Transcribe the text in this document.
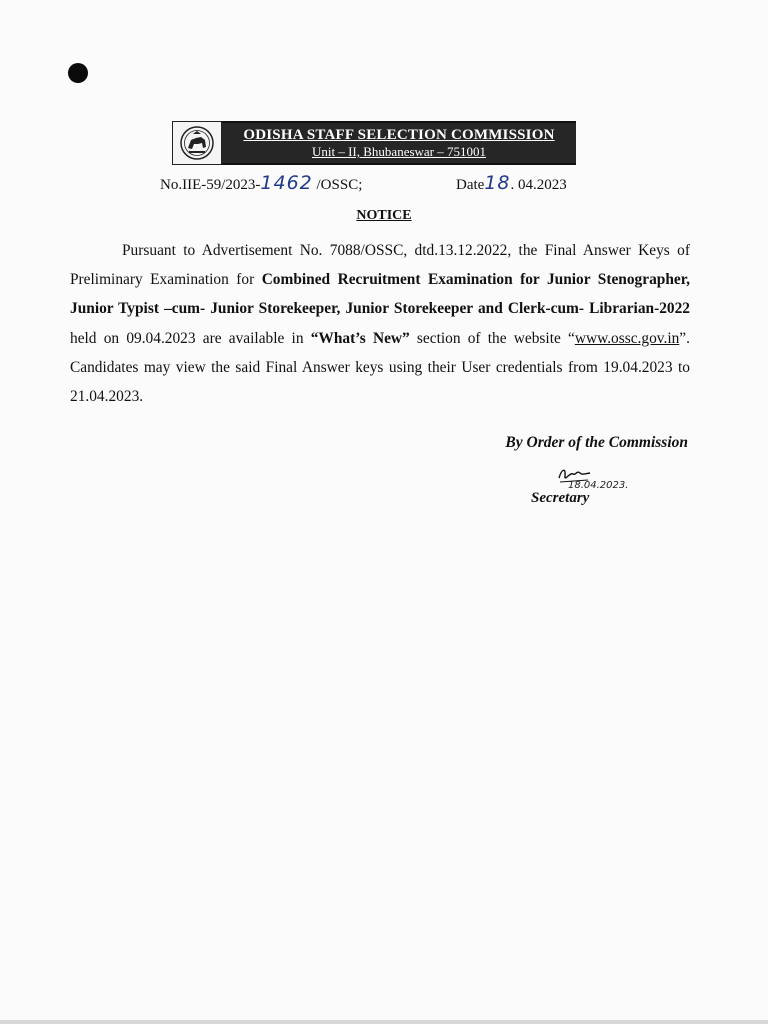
ODISHA STAFF SELECTION COMMISSION
Unit – II, Bhubaneswar – 751001
No.IIE-59/2023-1462 /OSSC;	Date18. 04.2023
NOTICE
Pursuant to Advertisement No. 7088/OSSC, dtd.13.12.2022, the Final Answer Keys of Preliminary Examination for Combined Recruitment Examination for Junior Stenographer, Junior Typist –cum- Junior Storekeeper, Junior Storekeeper and Clerk-cum- Librarian-2022 held on 09.04.2023 are available in “What’s New” section of the website “www.ossc.gov.in”. Candidates may view the said Final Answer keys using their User credentials from 19.04.2023 to 21.04.2023.
By Order of the Commission
18.04.2023.
Secretary
